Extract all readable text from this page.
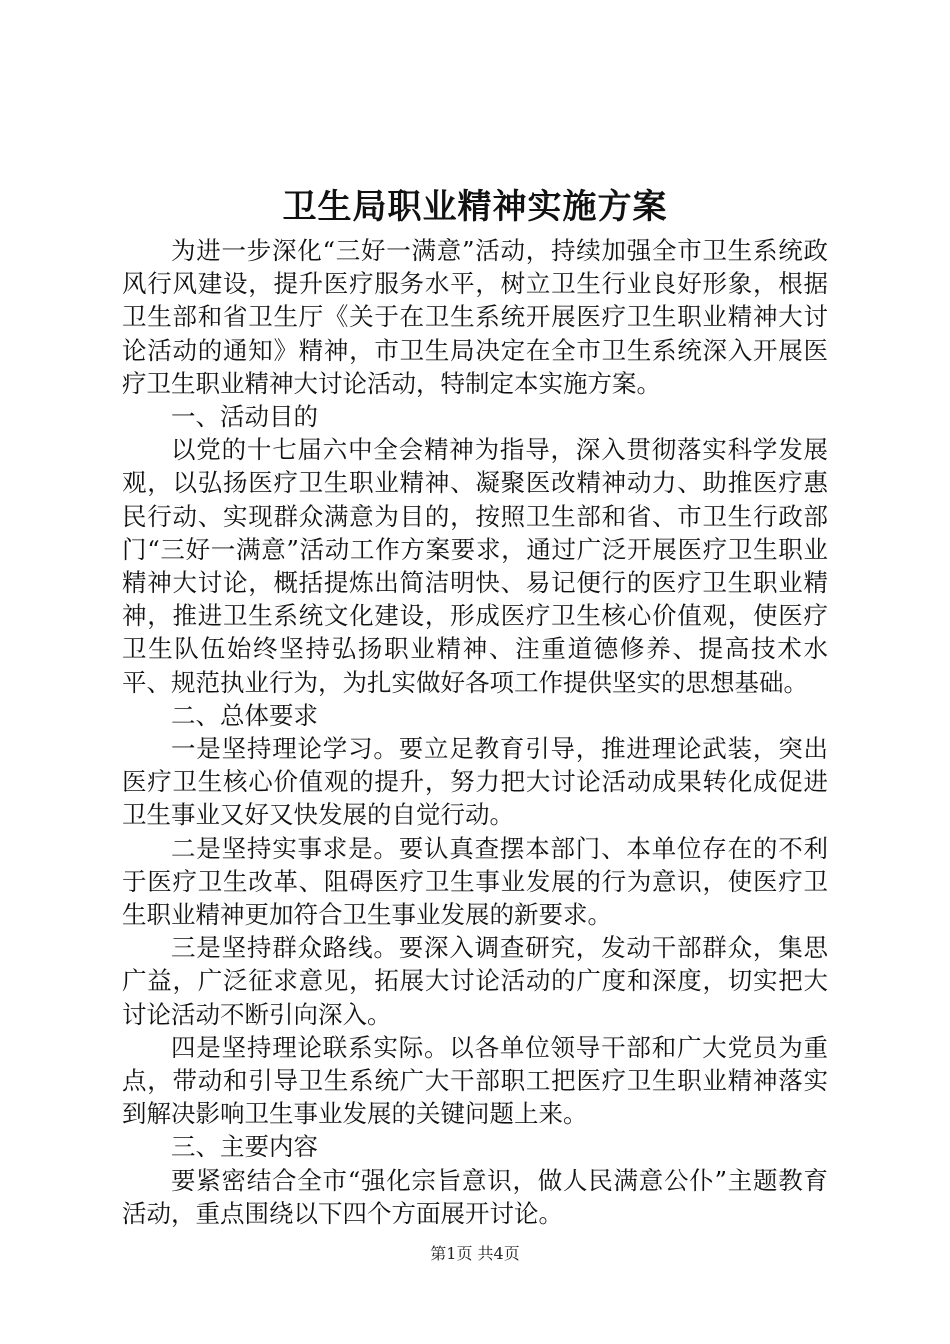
卫生局职业精神实施方案

为进一步深化“三好一满意”活动，持续加强全市卫生系统政风行风建设，提升医疗服务水平，树立卫生行业良好形象，根据卫生部和省卫生厅《关于在卫生系统开展医疗卫生职业精神大讨论活动的通知》精神，市卫生局决定在全市卫生系统深入开展医疗卫生职业精神大讨论活动，特制定本实施方案。

一、活动目的

以党的十七届六中全会精神为指导，深入贯彻落实科学发展观，以弘扬医疗卫生职业精神、凝聚医改精神动力、助推医疗惠民行动、实现群众满意为目的，按照卫生部和省、市卫生行政部门“三好一满意”活动工作方案要求，通过广泛开展医疗卫生职业精神大讨论，概括提炼出简洁明快、易记便行的医疗卫生职业精神，推进卫生系统文化建设，形成医疗卫生核心价值观，使医疗卫生队伍始终坚持弘扬职业精神、注重道德修养、提高技术水平、规范执业行为，为扎实做好各项工作提供坚实的思想基础。

二、总体要求

一是坚持理论学习。要立足教育引导，推进理论武装，突出医疗卫生核心价值观的提升，努力把大讨论活动成果转化成促进卫生事业又好又快发展的自觉行动。

二是坚持实事求是。要认真查摆本部门、本单位存在的不利于医疗卫生改革、阻碍医疗卫生事业发展的行为意识，使医疗卫生职业精神更加符合卫生事业发展的新要求。

三是坚持群众路线。要深入调查研究，发动干部群众，集思广益，广泛征求意见，拓展大讨论活动的广度和深度，切实把大讨论活动不断引向深入。

四是坚持理论联系实际。以各单位领导干部和广大党员为重点，带动和引导卫生系统广大干部职工把医疗卫生职业精神落实到解决影响卫生事业发展的关键问题上来。

三、主要内容

要紧密结合全市“强化宗旨意识，做人民满意公仆”主题教育活动，重点围绕以下四个方面展开讨论。

第1页 共4页
